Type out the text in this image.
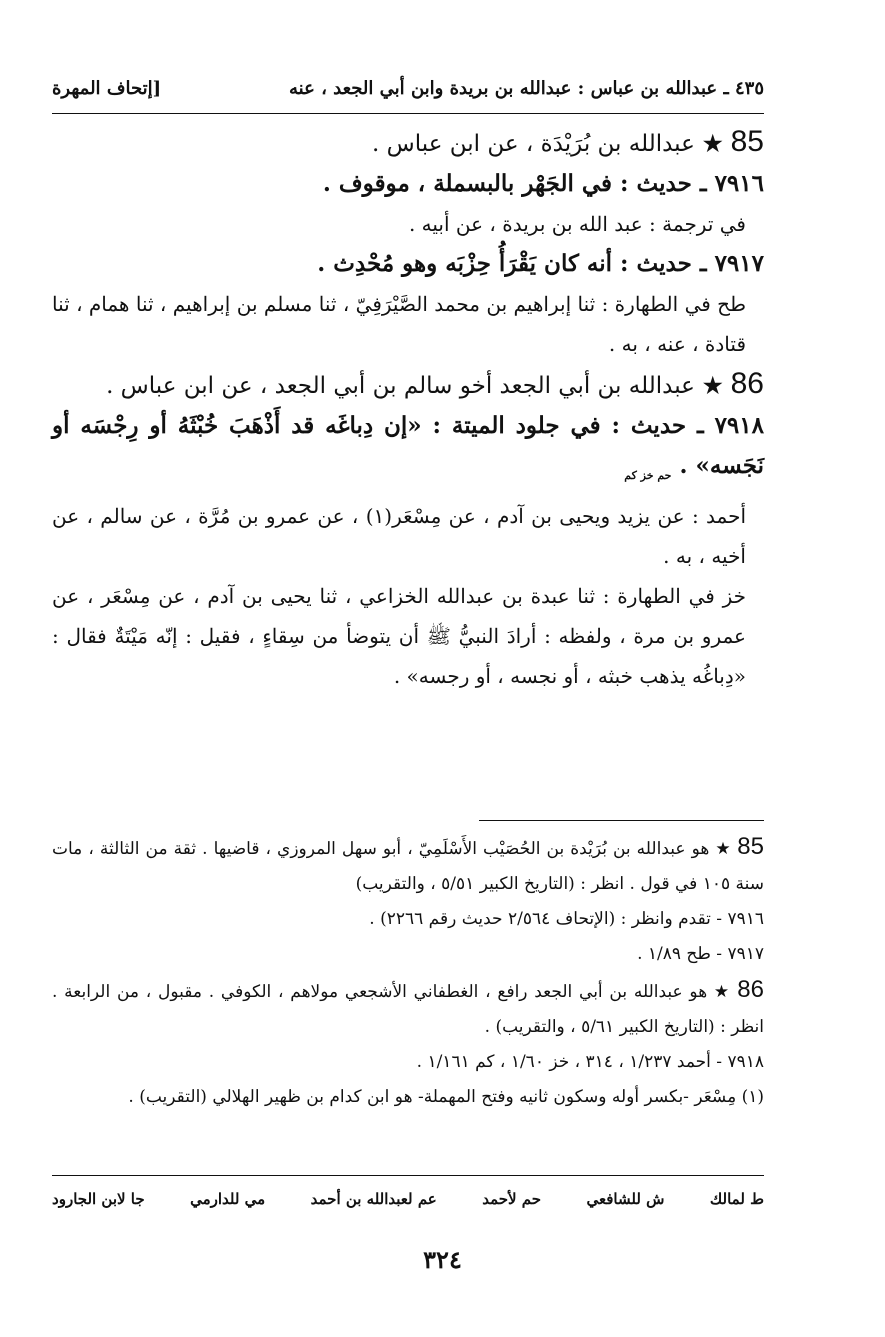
٤٣٥ ـ عبدالله بن عباس : عبدالله بن بريدة وابن أبي الجعد ، عنه
[إتحاف المهرة

85 ★ عبدالله بن بُرَيْدَة ، عن ابن عباس .

٧٩١٦ ـ حديث : في الجَهْر بالبسملة ، موقوف .

في ترجمة : عبد الله بن بريدة ، عن أبيه .

٧٩١٧ ـ حديث : أنه كان يَقْرَأُ حِزْبَه وهو مُحْدِث .

طح في الطهارة : ثنا إبراهيم بن محمد الصَّيْرَفِيّ ، ثنا مسلم بن إبراهيم ، ثنا همام ، ثنا قتادة ، عنه ، به .

86 ★ عبدالله بن أبي الجعد أخو سالم بن أبي الجعد ، عن ابن عباس .

٧٩١٨ ـ حديث : في جلود الميتة : «إن دِباغَه قد أَذْهَبَ خُبْثَهُ أو رِجْسَه أو نَجَسه» . $_{حم خز كم}$

أحمد : عن يزيد ويحيى بن آدم ، عن مِسْعَر(١) ، عن عمرو بن مُرَّة ، عن سالم ، عن أخيه ، به .

خز في الطهارة : ثنا عبدة بن عبدالله الخزاعي ، ثنا يحيى بن آدم ، عن مِسْعَر ، عن عمرو بن مرة ، ولفظه : أرادَ النبيُّ ﷺ أن يتوضأ من سِقاءٍ ، فقيل : إنّه مَيْتَةٌ فقال : «دِباغُه يذهب خبثه ، أو نجسه ، أو رجسه» .

85 ★ هو عبدالله بن بُرَيْدة بن الحُصَيْب الأَسْلَمِيّ ، أبو سهل المروزي ، قاضيها . ثقة من الثالثة ، مات سنة ١٠٥ في قول . انظر : (التاريخ الكبير ٥/٥١ ، والتقريب)

٧٩١٦ - تقدم وانظر : (الإتحاف ٢/٥٦٤ حديث رقم ٢٢٦٦) .

٧٩١٧ - طح ١/٨٩ .

86 ★ هو عبدالله بن أبي الجعد رافع ، الغطفاني الأشجعي مولاهم ، الكوفي . مقبول ، من الرابعة . انظر : (التاريخ الكبير ٥/٦١ ، والتقريب) .

٧٩١٨ - أحمد ١/٢٣٧ ، ٣١٤ ، خز ١/٦٠ ، كم ١/١٦١ .

(١) مِسْعَر -بكسر أوله وسكون ثانيه وفتح المهملة- هو ابن كدام بن ظهير الهلالي (التقريب) .

ط لمالك
ش للشافعي
حم لأحمد
عم لعبدالله بن أحمد
مي للدارمي
جا لابن الجارود
٣٢٤
